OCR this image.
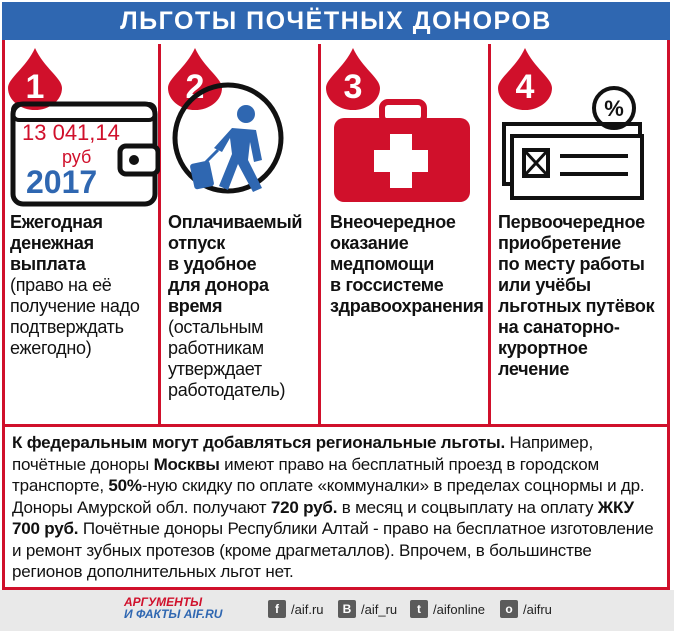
ЛЬГОТЫ ПОЧЁТНЫХ ДОНОРОВ
1
13 041,14
руб
2017
Ежегодная
денежная
выплата
(право на её
получение надо
подтверждать
ежегодно)
2
Оплачиваемый
отпуск
в удобное
для донора
время
(остальным
работникам
утверждает
работодатель)
3
Внеочередное
оказание
медпомощи
в госсистеме
здравоохранения
4
%
Первоочередное
приобретение
по месту работы
или учёбы
льготных путёвок
на санаторно-
курортное
лечение
К федеральным могут добавляться региональные льготы. Например, почётные доноры Москвы имеют право на бесплатный проезд в городском транспорте, 50%-ную скидку по оплате «коммуналки» в пределах соцнормы и др. Доноры Амурской обл. получают 720 руб. в месяц и соцвыплату на оплату ЖКУ 700 руб. Почётные доноры Республики Алтай - право на бесплатное изготовление и ремонт зубных протезов (кроме драгметаллов). Впрочем, в большинстве регионов дополнительных льгот нет.
АРГУМЕНТЫ
И ФАКТЫ AIF.RU	f /aif.ru	B /aif_ru	t /aifonline	o /aifru
